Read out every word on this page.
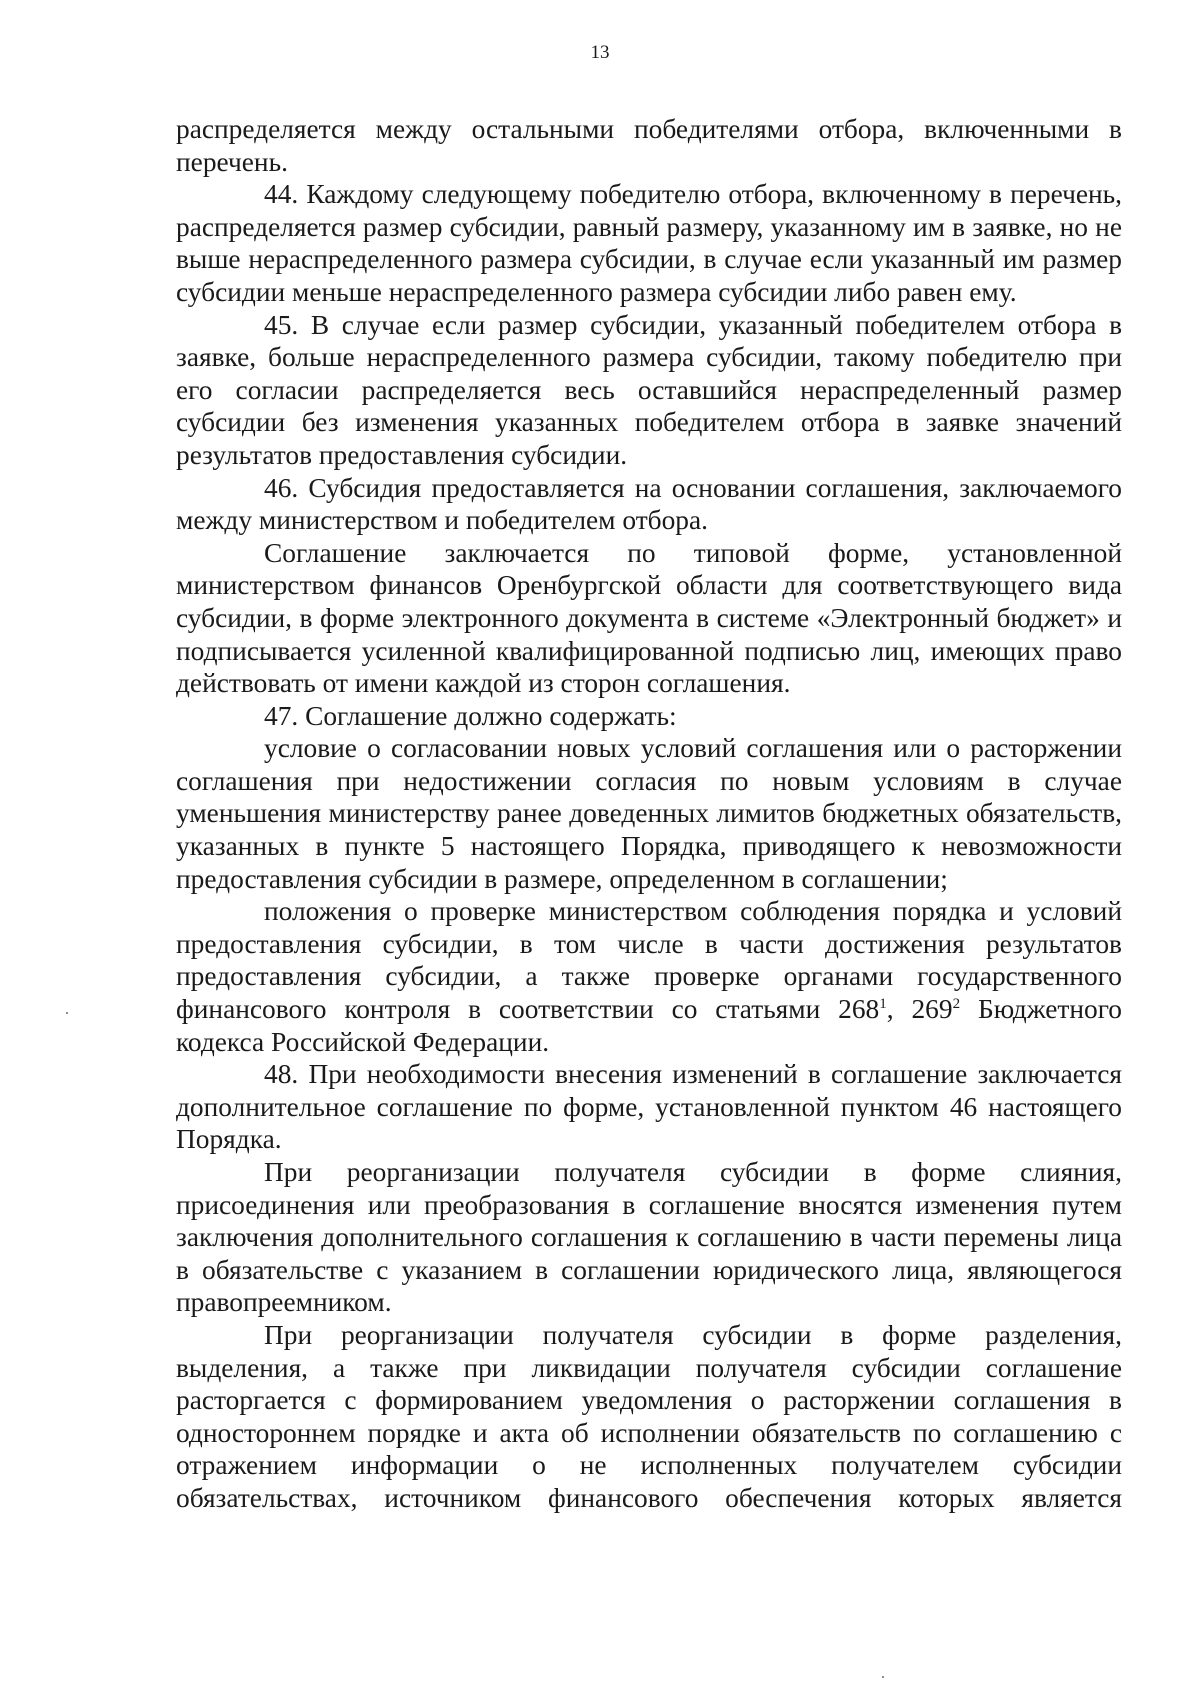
13

распределяется между остальными победителями отбора, включенными в перечень.

44. Каждому следующему победителю отбора, включенному в перечень, распределяется размер субсидии, равный размеру, указанному им в заявке, но не выше нераспределенного размера субсидии, в случае если указанный им размер субсидии меньше нераспределенного размера субсидии либо равен ему.

45. В случае если размер субсидии, указанный победителем отбора в заявке, больше нераспределенного размера субсидии, такому победителю при его согласии распределяется весь оставшийся нераспределенный размер субсидии без изменения указанных победителем отбора в заявке значений результатов предоставления субсидии.

46. Субсидия предоставляется на основании соглашения, заключаемого между министерством и победителем отбора.

Соглашение заключается по типовой форме, установленной министерством финансов Оренбургской области для соответствующего вида субсидии, в форме электронного документа в системе «Электронный бюджет» и подписывается усиленной квалифицированной подписью лиц, имеющих право действовать от имени каждой из сторон соглашения.

47. Соглашение должно содержать:

условие о согласовании новых условий соглашения или о расторжении соглашения при недостижении согласия по новым условиям в случае уменьшения министерству ранее доведенных лимитов бюджетных обязательств, указанных в пункте 5 настоящего Порядка, приводящего к невозможности предоставления субсидии в размере, определенном в соглашении;

положения о проверке министерством соблюдения порядка и условий предоставления субсидии, в том числе в части достижения результатов предоставления субсидии, а также проверке органами государственного финансового контроля в соответствии со статьями $268^1$, $269^2$ Бюджетного кодекса Российской Федерации.

48. При необходимости внесения изменений в соглашение заключается дополнительное соглашение по форме, установленной пунктом 46 настоящего Порядка.

При реорганизации получателя субсидии в форме слияния, присоединения или преобразования в соглашение вносятся изменения путем заключения дополнительного соглашения к соглашению в части перемены лица в обязательстве с указанием в соглашении юридического лица, являющегося правопреемником.

При реорганизации получателя субсидии в форме разделения, выделения, а также при ликвидации получателя субсидии соглашение расторгается с формированием уведомления о расторжении соглашения в одностороннем порядке и акта об исполнении обязательств по соглашению с отражением информации о не исполненных получателем субсидии обязательствах, источником финансового обеспечения которых является
